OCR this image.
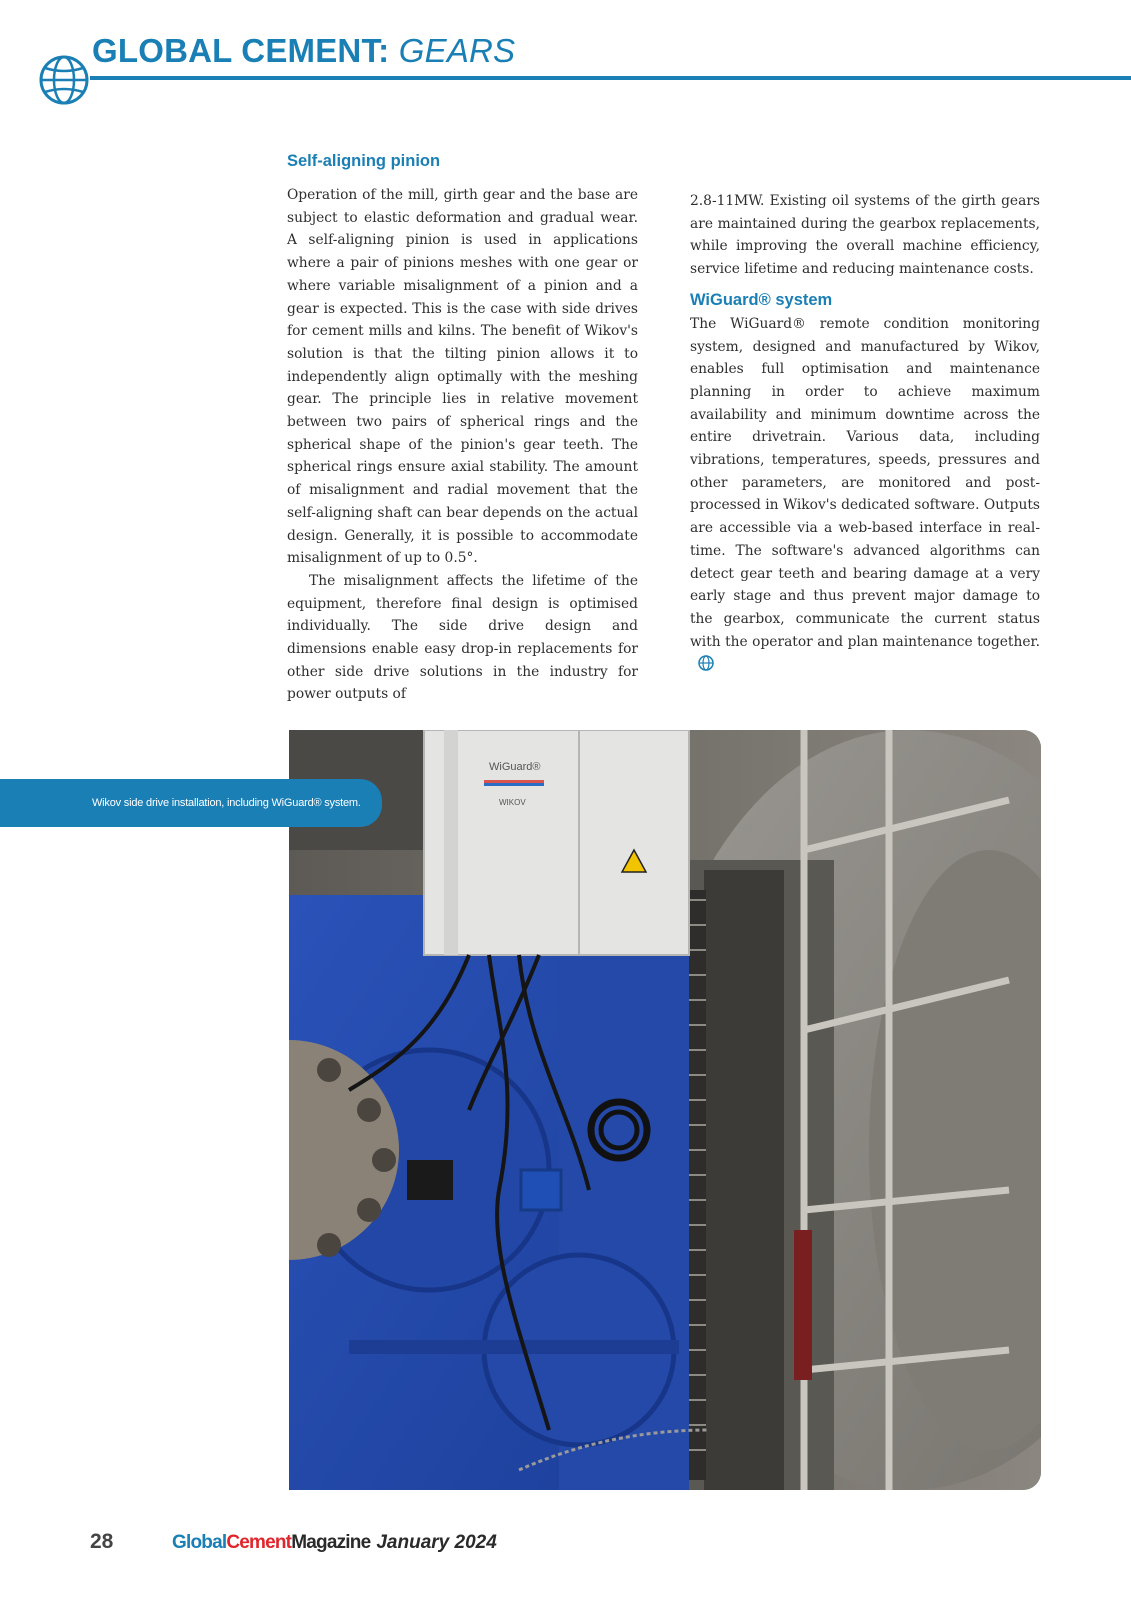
GLOBAL CEMENT: GEARS
Self-aligning pinion

Operation of the mill, girth gear and the base are subject to elastic deformation and gradual wear. A self-aligning pinion is used in applications where a pair of pinions meshes with one gear or where variable misalignment of a pinion and a gear is expected. This is the case with side drives for cement mills and kilns. The benefit of Wikov's solution is that the tilting pinion allows it to independently align optimally with the meshing gear. The principle lies in relative movement between two pairs of spherical rings and the spherical shape of the pinion's gear teeth. The spherical rings ensure axial stability. The amount of misalignment and radial movement that the self-aligning shaft can bear depends on the actual design. Generally, it is possible to accommodate misalignment of up to 0.5°.

The misalignment affects the lifetime of the equipment, therefore final design is optimised individually. The side drive design and dimensions enable easy drop-in replacements for other side drive solutions in the industry for power outputs of

2.8-11MW. Existing oil systems of the girth gears are maintained during the gearbox replacements, while improving the overall machine efficiency, service lifetime and reducing maintenance costs.

WiGuard® system

The WiGuard® remote condition monitoring system, designed and manufactured by Wikov, enables full optimisation and maintenance planning in order to achieve maximum availability and minimum downtime across the entire drivetrain. Various data, including vibrations, temperatures, speeds, pressures and other parameters, are monitored and post-processed in Wikov's dedicated software. Outputs are accessible via a web-based interface in real-time. The software's advanced algorithms can detect gear teeth and bearing damage at a very early stage and thus prevent major damage to the gearbox, communicate the current status with the operator and plan maintenance together.

WiGuard®
WIKOV
Wikov side drive installation, including WiGuard® system.
28	GlobalCementMagazine January 2024
